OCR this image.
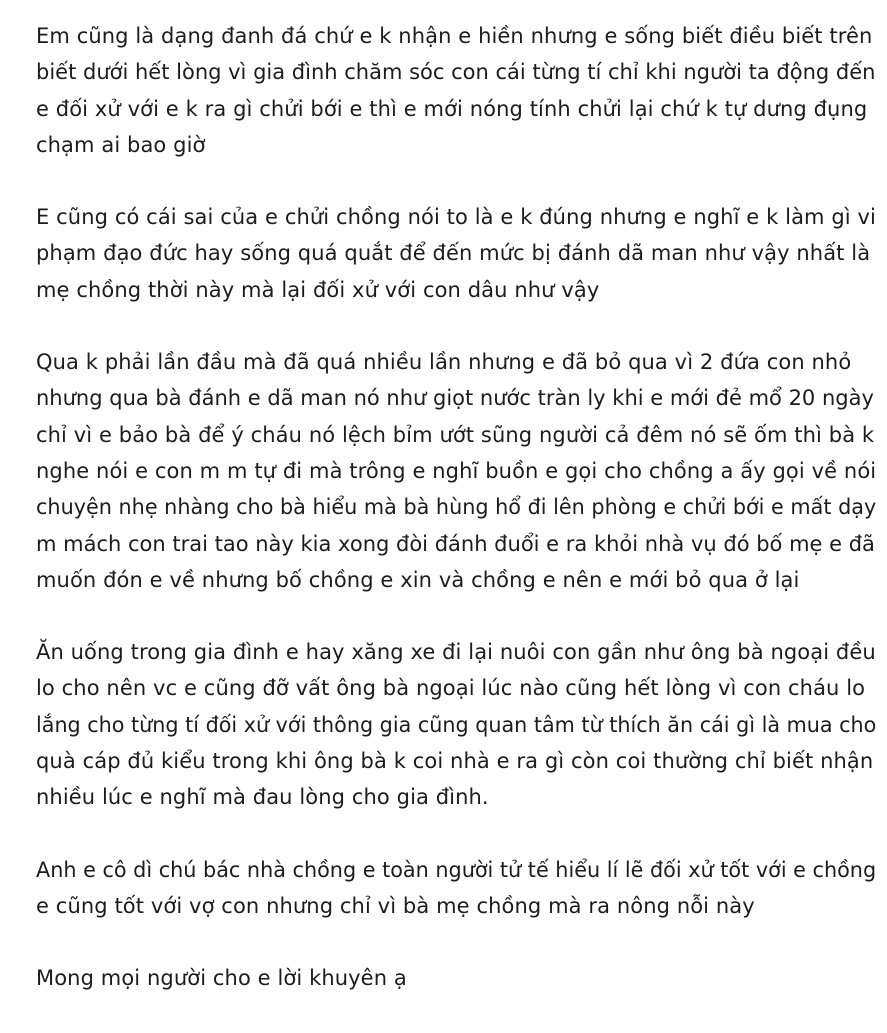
Em cũng là dạng đanh đá chứ e k nhận e hiền nhưng e sống biết điều biết trên
biết dưới hết lòng vì gia đình chăm sóc con cái từng tí chỉ khi người ta động đến
e đối xử với e k ra gì chửi bới e thì e mới nóng tính chửi lại chứ k tự dưng đụng
chạm ai bao giờ
E cũng có cái sai của e chửi chồng nói to là e k đúng nhưng e nghĩ e k làm gì vi
phạm đạo đức hay sống quá quắt để đến mức bị đánh dã man như vậy nhất là
mẹ chồng thời này mà lại đối xử với con dâu như vậy
Qua k phải lần đầu mà đã quá nhiều lần nhưng e đã bỏ qua vì 2 đứa con nhỏ
nhưng qua bà đánh e dã man nó như giọt nước tràn ly khi e mới đẻ mổ 20 ngày
chỉ vì e bảo bà để ý cháu nó lệch bỉm ướt sũng người cả đêm nó sẽ ốm thì bà k
nghe nói e con m m tự đi mà trông e nghĩ buồn e gọi cho chồng a ấy gọi về nói
chuyện nhẹ nhàng cho bà hiểu mà bà hùng hổ đi lên phòng e chửi bới e mất dạy
m mách con trai tao này kia xong đòi đánh đuổi e ra khỏi nhà vụ đó bố mẹ e đã
muốn đón e về nhưng bố chồng e xin và chồng e nên e mới bỏ qua ở lại
Ăn uống trong gia đình e hay xăng xe đi lại nuôi con gần như ông bà ngoại đều
lo cho nên vc e cũng đỡ vất ông bà ngoại lúc nào cũng hết lòng vì con cháu lo
lắng cho từng tí đối xử với thông gia cũng quan tâm từ thích ăn cái gì là mua cho
quà cáp đủ kiểu trong khi ông bà k coi nhà e ra gì còn coi thường chỉ biết nhận
nhiều lúc e nghĩ mà đau lòng cho gia đình.
Anh e cô dì chú bác nhà chồng e toàn người tử tế hiểu lí lẽ đối xử tốt với e chồng
e cũng tốt với vợ con nhưng chỉ vì bà mẹ chồng mà ra nông nỗi này
Mong mọi người cho e lời khuyên ạ
